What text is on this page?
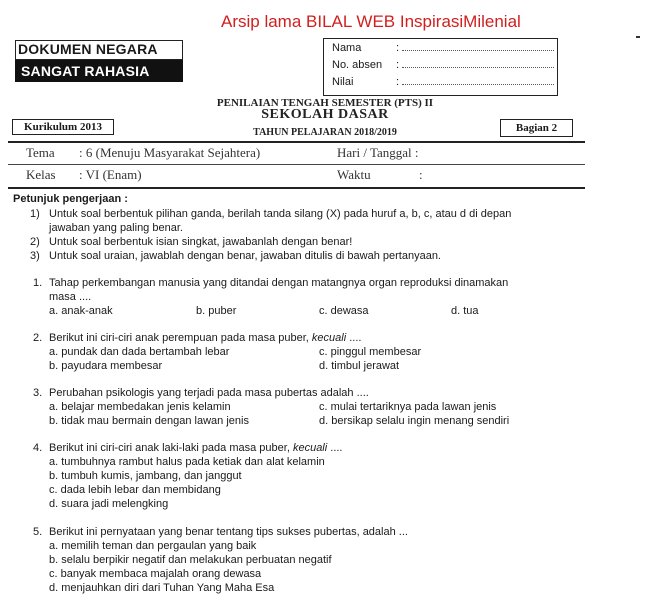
Arsip lama BILAL WEB InspirasiMilenial
DOKUMEN NEGARA
SANGAT RAHASIA
Nama	:
No. absen :
Nilai	:
PENILAIAN TENGAH SEMESTER (PTS) II
SEKOLAH DASAR
TAHUN PELAJARAN 2018/2019
Kurikulum 2013	Bagian 2
Tema : 6 (Menuju Masyarakat Sejahtera)	Hari / Tanggal :
Kelas : VI (Enam)	Waktu	:
Petunjuk pengerjaan :
1) Untuk soal berbentuk pilihan ganda, berilah tanda silang (X) pada huruf a, b, c, atau d di depan
jawaban yang paling benar.
2) Untuk soal berbentuk isian singkat, jawabanlah dengan benar!
3) Untuk soal uraian, jawablah dengan benar, jawaban ditulis di bawah pertanyaan.
1. Tahap perkembangan manusia yang ditandai dengan matangnya organ reproduksi dinamakan
masa ....
a. anak-anak	b. puber	c. dewasa	d. tua
2. Berikut ini ciri-ciri anak perempuan pada masa puber, kecuali ....
a. pundak dan dada bertambah lebar	c. pinggul membesar
b. payudara membesar	d. timbul jerawat
3. Perubahan psikologis yang terjadi pada masa pubertas adalah ....
a. belajar membedakan jenis kelamin	c. mulai tertariknya pada lawan jenis
b. tidak mau bermain dengan lawan jenis	d. bersikap selalu ingin menang sendiri
4. Berikut ini ciri-ciri anak laki-laki pada masa puber, kecuali ....
a. tumbuhnya rambut halus pada ketiak dan alat kelamin
b. tumbuh kumis, jambang, dan janggut
c. dada lebih lebar dan membidang
d. suara jadi melengking
5. Berikut ini pernyataan yang benar tentang tips sukses pubertas, adalah ...
a. memilih teman dan pergaulan yang baik
b. selalu berpikir negatif dan melakukan perbuatan negatif
c. banyak membaca majalah orang dewasa
d. menjauhkan diri dari Tuhan Yang Maha Esa
